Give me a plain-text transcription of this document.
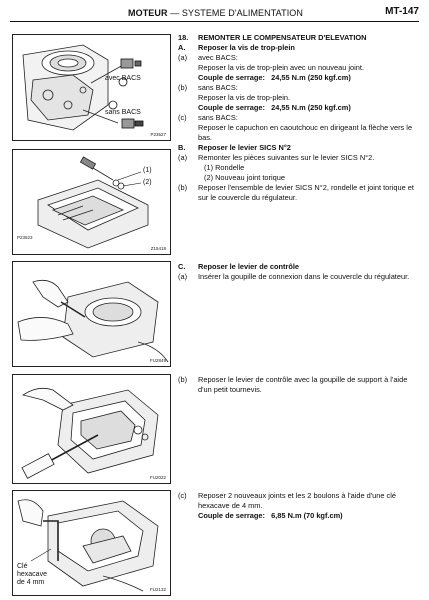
MOTEUR — SYSTEME D'ALIMENTATION	MT-147
avec BACS
sans BACS
P23527
(1)
(2)
P23523
Z15418
FU2849
FU2022
Clé
hexacave
de 4 mm
FU2132
18. REMONTER LE COMPENSATEUR D'ELEVATION
A. Reposer la vis de trop-plein
(a) avec BACS:
Reposer la vis de trop-plein avec un nouveau joint.
Couple de serrage: 24,55 N.m (250 kgf.cm)
(b) sans BACS:
Reposer la vis de trop-plein.
Couple de serrage: 24,55 N.m (250 kgf.cm)
(c) sans BACS:
Reposer le capuchon en caoutchouc en dirigeant la flèche vers le bas.
B. Reposer le levier SICS N°2
(a) Remonter les pièces suivantes sur le levier SICS N°2.
(1) Rondelle
(2) Nouveau joint torique
(b) Reposer l'ensemble de levier SICS N°2, rondelle et joint torique et sur le couvercle du régulateur.
C. Reposer le levier de contrôle
(a) Insérer la goupille de connexion dans le couvercle du régulateur.
(b) Reposer le levier de contrôle avec la goupille de support à l'aide d'un petit tournevis.
(c) Reposer 2 nouveaux joints et les 2 boulons à l'aide d'une clé hexacave de 4 mm.
Couple de serrage: 6,85 N.m (70 kgf.cm)
